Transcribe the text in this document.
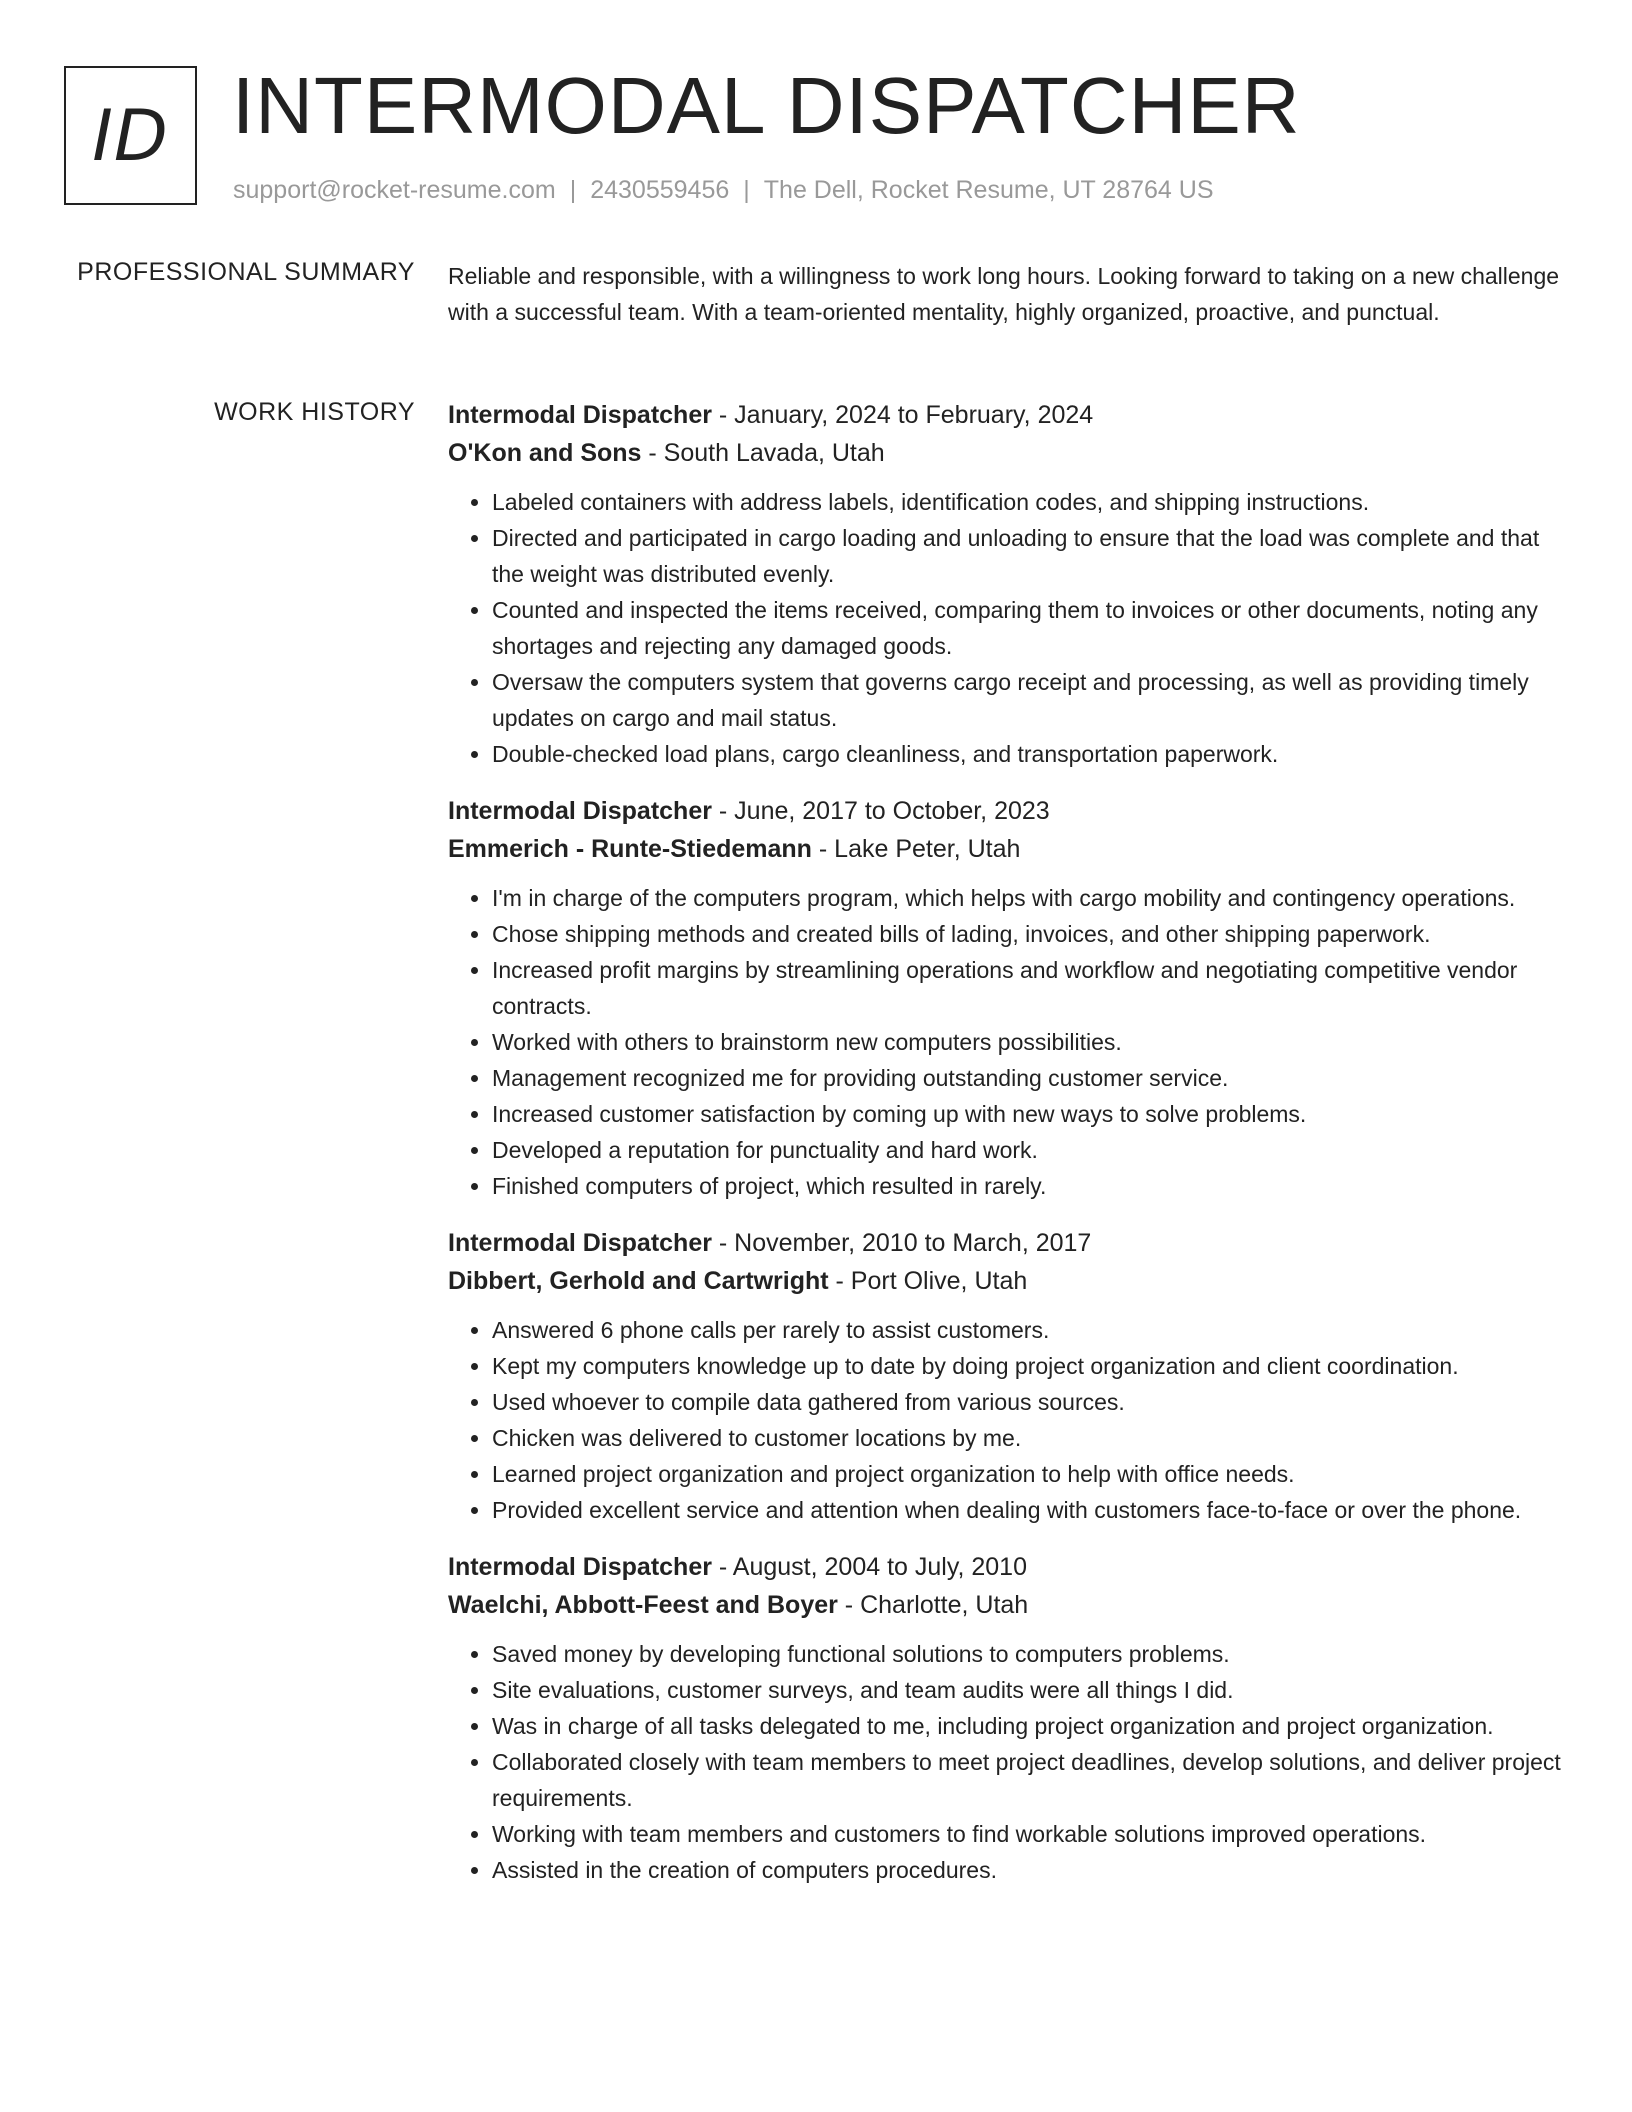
ID INTERMODAL DISPATCHER
support@rocket-resume.com | 2430559456 | The Dell, Rocket Resume, UT 28764 US
PROFESSIONAL SUMMARY Reliable and responsible, with a willingness to work long hours. Looking forward to taking on a new challenge with a successful team. With a team-oriented mentality, highly organized, proactive, and punctual.

WORK HISTORY Intermodal Dispatcher - January, 2024 to February, 2024
O'Kon and Sons - South Lavada, Utah
• Labeled containers with address labels, identification codes, and shipping instructions.
• Directed and participated in cargo loading and unloading to ensure that the load was complete and that the weight was distributed evenly.
• Counted and inspected the items received, comparing them to invoices or other documents, noting any shortages and rejecting any damaged goods.
• Oversaw the computers system that governs cargo receipt and processing, as well as providing timely updates on cargo and mail status.
• Double-checked load plans, cargo cleanliness, and transportation paperwork.
Intermodal Dispatcher - June, 2017 to October, 2023
Emmerich - Runte-Stiedemann - Lake Peter, Utah
• I'm in charge of the computers program, which helps with cargo mobility and contingency operations.
• Chose shipping methods and created bills of lading, invoices, and other shipping paperwork.
• Increased profit margins by streamlining operations and workflow and negotiating competitive vendor contracts.
• Worked with others to brainstorm new computers possibilities.
• Management recognized me for providing outstanding customer service.
• Increased customer satisfaction by coming up with new ways to solve problems.
• Developed a reputation for punctuality and hard work.
• Finished computers of project, which resulted in rarely.
Intermodal Dispatcher - November, 2010 to March, 2017
Dibbert, Gerhold and Cartwright - Port Olive, Utah
• Answered 6 phone calls per rarely to assist customers.
• Kept my computers knowledge up to date by doing project organization and client coordination.
• Used whoever to compile data gathered from various sources.
• Chicken was delivered to customer locations by me.
• Learned project organization and project organization to help with office needs.
• Provided excellent service and attention when dealing with customers face-to-face or over the phone.
Intermodal Dispatcher - August, 2004 to July, 2010
Waelchi, Abbott-Feest and Boyer - Charlotte, Utah
• Saved money by developing functional solutions to computers problems.
• Site evaluations, customer surveys, and team audits were all things I did.
• Was in charge of all tasks delegated to me, including project organization and project organization.
• Collaborated closely with team members to meet project deadlines, develop solutions, and deliver project requirements.
• Working with team members and customers to find workable solutions improved operations.
• Assisted in the creation of computers procedures.
